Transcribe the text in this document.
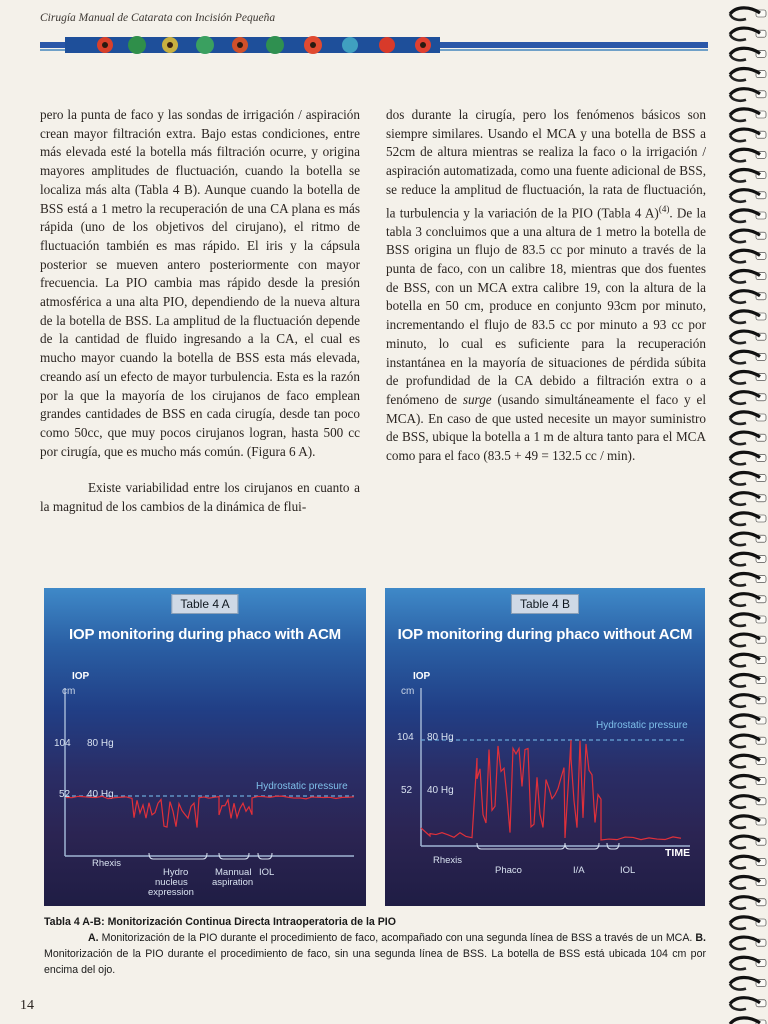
Cirugía Manual de Catarata con Incisión Pequeña

pero la punta de faco y las sondas de irrigación / aspiración crean mayor filtración extra. Bajo estas condiciones, entre más elevada esté la botella más filtración ocurre, y origina mayores amplitudes de fluctuación, cuando la botella se localiza más alta (Tabla 4 B). Aunque cuando la botella de BSS está a 1 metro la recuperación de una CA plana es más rápida (uno de los objetivos del cirujano), el ritmo de fluctuación también es mas rápido. El iris y la cápsula posterior se mueven antero posteriormente con mayor frecuencia. La PIO cambia mas rápido desde la presión atmosférica a una alta PIO, dependiendo de la nueva altura de la botella de BSS. La amplitud de la fluctuación depende de la cantidad de fluido ingresando a la CA, el cual es mucho mayor cuando la botella de BSS esta más elevada, creando así un efecto de mayor turbulencia. Esta es la razón por la que la mayoría de los cirujanos de faco emplean grandes cantidades de BSS en cada cirugía, desde tan poco como 50cc, que muy pocos cirujanos logran, hasta 500 cc por cirugía, que es mucho más común. (Figura 6 A).

Existe variabilidad entre los cirujanos en cuanto a la magnitud de los cambios de la dinámica de flui-

dos durante la cirugía, pero los fenómenos básicos son siempre similares. Usando el MCA y una botella de BSS a 52cm de altura mientras se realiza la faco o la irrigación / aspiración automatizada, como una fuente adicional de BSS, se reduce la amplitud de fluctuación, la rata de fluctuación, la turbulencia y la variación de la PIO (Tabla 4 A)$^{(4)}$. De la tabla 3 concluimos que a una altura de 1 metro la botella de BSS origina un flujo de 83.5 cc por minuto a través de la punta de faco, con un calibre 18, mientras que dos fuentes de BSS, con un MCA extra calibre 19, con la altura de la botella en 50 cm, produce en conjunto 93cm por minuto, incrementando el flujo de 83.5 cc por minuto a 93 cc por minuto, lo cual es suficiente para la recuperación instantánea en la mayoría de situaciones de pérdida súbita de profundidad de la CA debido a filtración extra o a fenómeno de surge (usando simultáneamente el faco y el MCA). En caso de que usted necesite un mayor suministro de BSS, ubique la botella a 1 m de altura tanto para el MCA como para el faco (83.5 + 49 = 132.5 cc / min).

104 80 Hg
52 40 Hg
IOP
cm
Hydrostatic pressure
Rhexis
Hydro
nucleus
expression
Mannual
aspiration
IOL
Table 4 A
IOP monitoring during phaco with ACM
104 80 Hg
52 40 Hg
IOP
cm
Hydrostatic pressure
Rhexis
Phaco	I/A	IOL
TIME
Table 4 B
IOP monitoring during phaco without ACM

Tabla 4 A-B: Monitorización Continua Directa Intraoperatoria de la PIO

A. Monitorización de la PIO durante el procedimiento de faco, acompañado con una segunda línea de BSS a través de un MCA. B. Monitorización de la PIO durante el procedimiento de faco, sin una segunda línea de BSS. La botella de BSS está ubicada 104 cm por encima del ojo.

14
